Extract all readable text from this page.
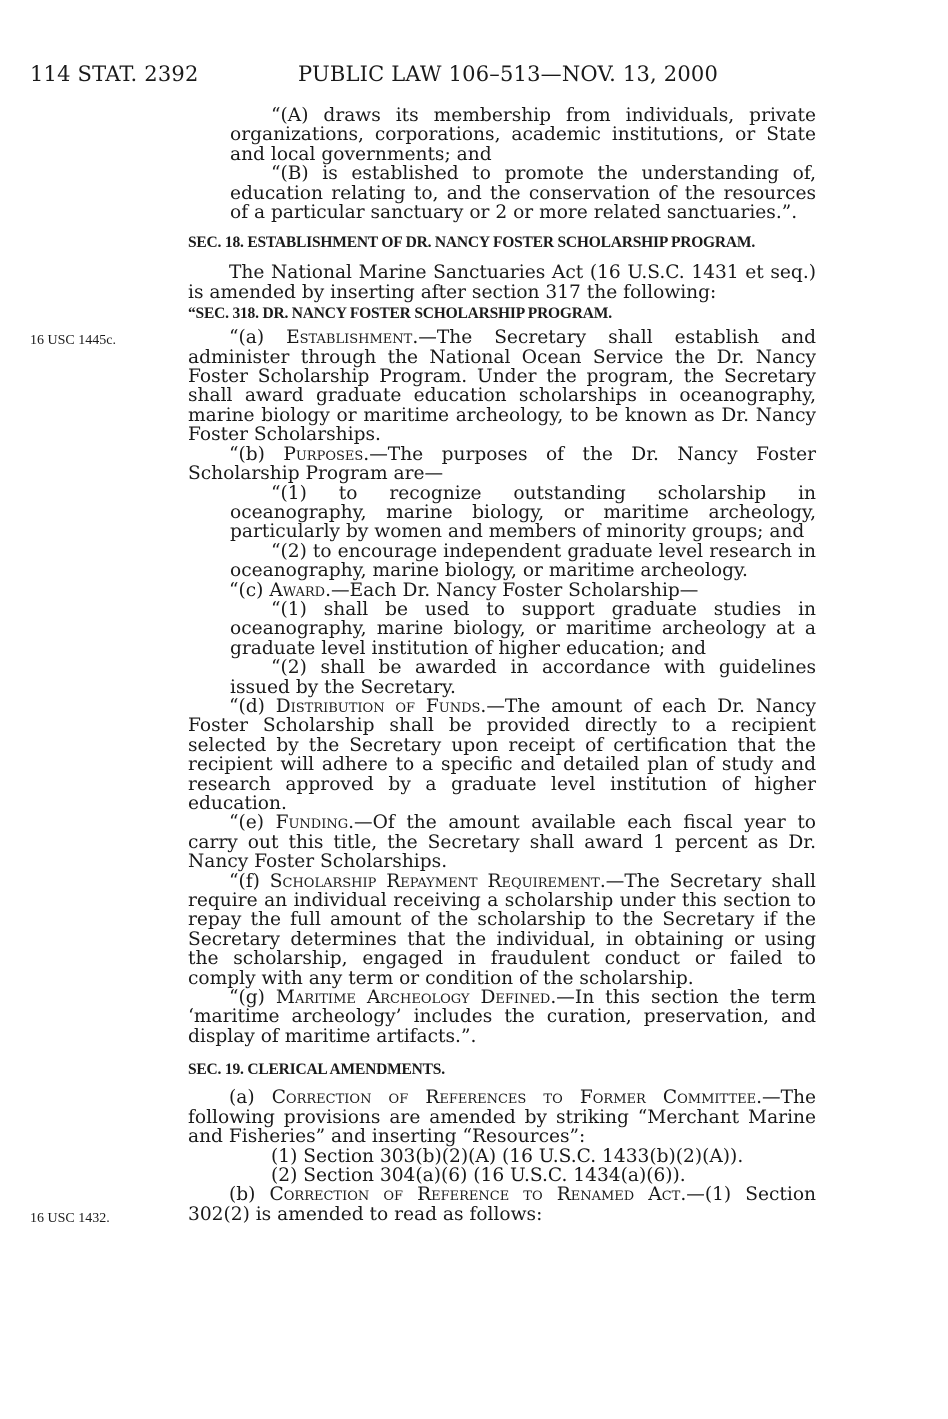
114 STAT. 2392	PUBLIC LAW 106–513—NOV. 13, 2000
16 USC 1445c.
16 USC 1432.

“(A) draws its membership from individuals, private organizations, corporations, academic institutions, or State and local governments; and

“(B) is established to promote the understanding of, education relating to, and the conservation of the resources of a particular sanctuary or 2 or more related sanctuaries.”.

SEC. 18. ESTABLISHMENT OF DR. NANCY FOSTER SCHOLARSHIP PROGRAM.

The National Marine Sanctuaries Act (16 U.S.C. 1431 et seq.) is amended by inserting after section 317 the following:

“SEC. 318. DR. NANCY FOSTER SCHOLARSHIP PROGRAM.

“(a) Establishment.—The Secretary shall establish and administer through the National Ocean Service the Dr. Nancy Foster Scholarship Program. Under the program, the Secretary shall award graduate education scholarships in oceanography, marine biology or maritime archeology, to be known as Dr. Nancy Foster Scholarships.

“(b) Purposes.—The purposes of the Dr. Nancy Foster Scholarship Program are—

“(1) to recognize outstanding scholarship in oceanography, marine biology, or maritime archeology, particularly by women and members of minority groups; and

“(2) to encourage independent graduate level research in oceanography, marine biology, or maritime archeology.

“(c) Award.—Each Dr. Nancy Foster Scholarship—

“(1) shall be used to support graduate studies in oceanography, marine biology, or maritime archeology at a graduate level institution of higher education; and

“(2) shall be awarded in accordance with guidelines issued by the Secretary.

“(d) Distribution of Funds.—The amount of each Dr. Nancy Foster Scholarship shall be provided directly to a recipient selected by the Secretary upon receipt of certification that the recipient will adhere to a specific and detailed plan of study and research approved by a graduate level institution of higher education.

“(e) Funding.—Of the amount available each fiscal year to carry out this title, the Secretary shall award 1 percent as Dr. Nancy Foster Scholarships.

“(f) Scholarship Repayment Requirement.—The Secretary shall require an individual receiving a scholarship under this section to repay the full amount of the scholarship to the Secretary if the Secretary determines that the individual, in obtaining or using the scholarship, engaged in fraudulent conduct or failed to comply with any term or condition of the scholarship.

“(g) Maritime Archeology Defined.—In this section the term ‘maritime archeology’ includes the curation, preservation, and display of maritime artifacts.”.

SEC. 19. CLERICAL AMENDMENTS.

(a) Correction of References to Former Committee.—The following provisions are amended by striking “Merchant Marine and Fisheries” and inserting “Resources”:

(1) Section 303(b)(2)(A) (16 U.S.C. 1433(b)(2)(A)).

(2) Section 304(a)(6) (16 U.S.C. 1434(a)(6)).

(b) Correction of Reference to Renamed Act.—(1) Section 302(2) is amended to read as follows:
